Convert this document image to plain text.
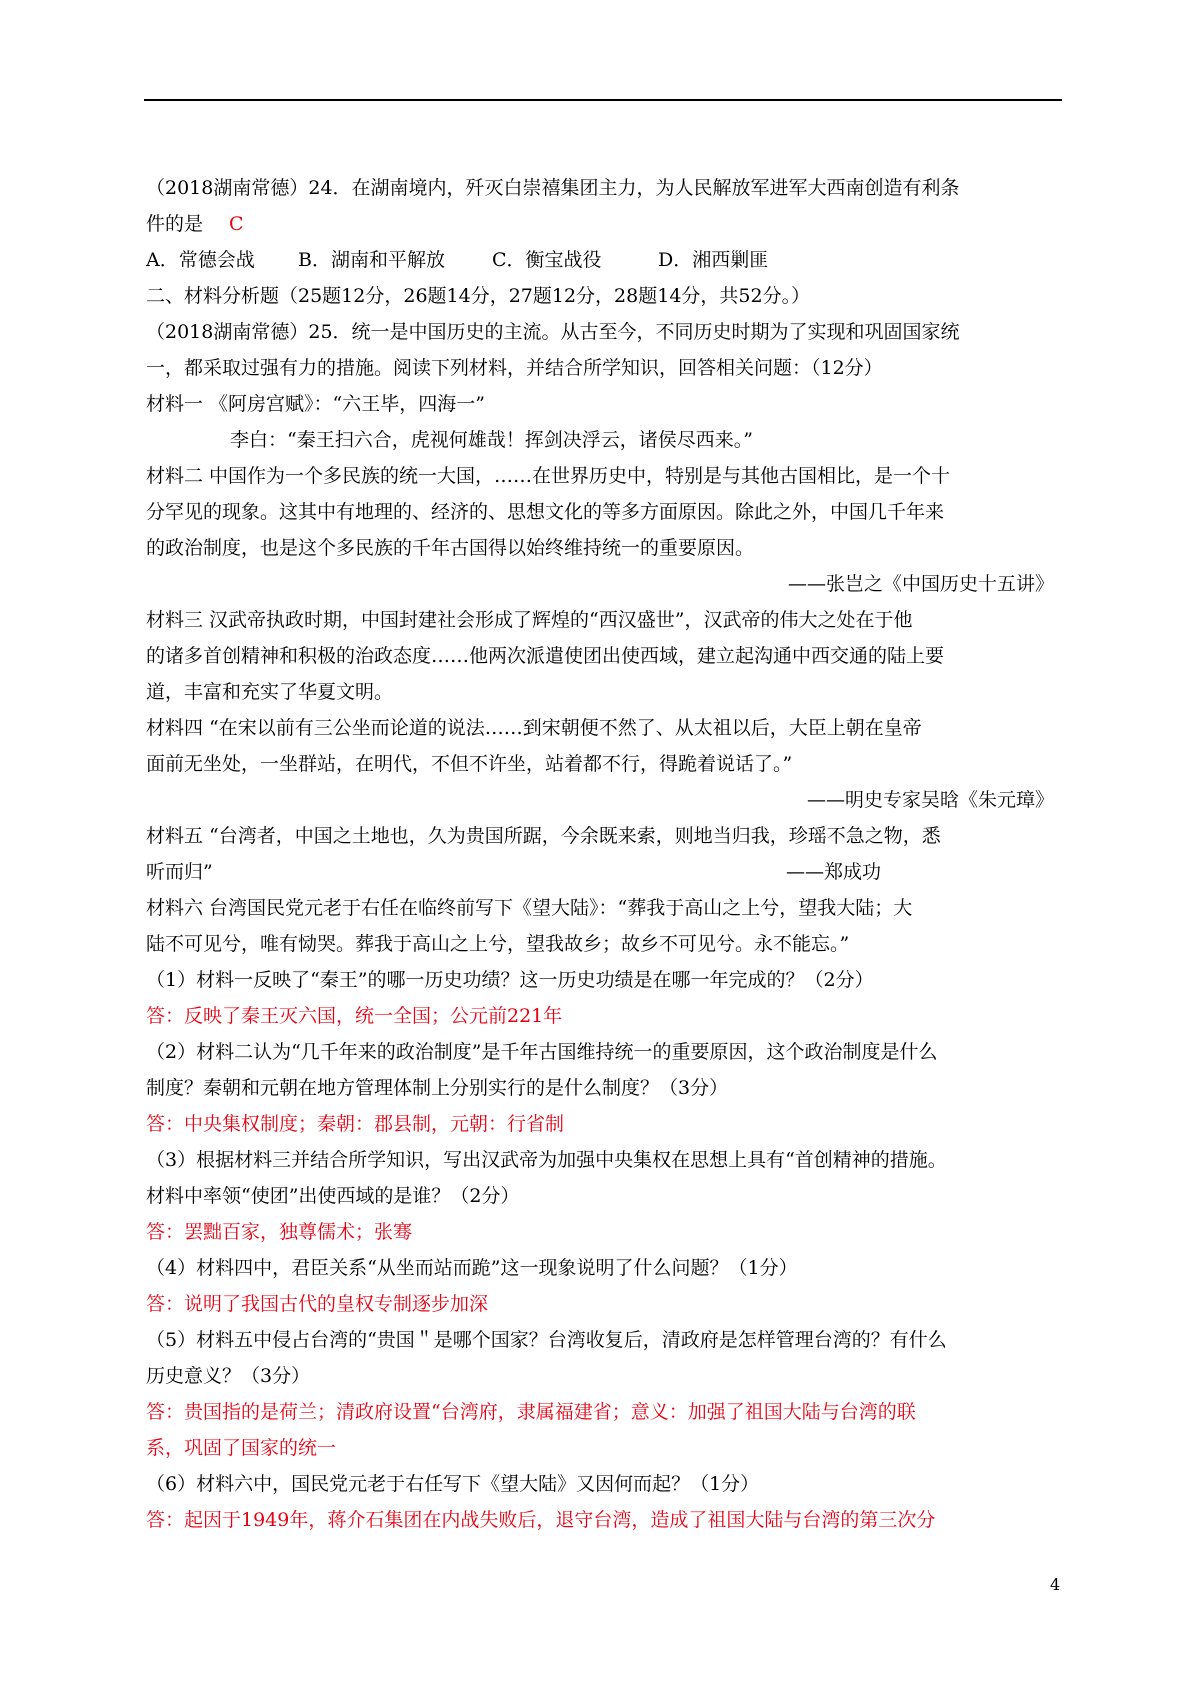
（2018湖南常德）24．在湖南境内，歼灭白崇禧集团主力，为人民解放军进军大西南创造有利条
件的是 C
A．常德会战 B．湖南和平解放 C．衡宝战役	D．湘西剿匪
二、材料分析题（25题12分，26题14分，27题12分，28题14分，共52分。）
（2018湖南常德）25．统一是中国历史的主流。从古至今，不同历史时期为了实现和巩固国家统
一，都采取过强有力的措施。阅读下列材料，并结合所学知识，回答相关问题：（12分）
材料一 《阿房宫赋》：“六王毕，四海一”
李白：“秦王扫六合，虎视何雄哉！挥剑决浮云，诸侯尽西来。”
材料二 中国作为一个多民族的统一大国，……在世界历史中，特别是与其他古国相比，是一个十
分罕见的现象。这其中有地理的、经济的、思想文化的等多方面原因。除此之外，中国几千年来
的政治制度，也是这个多民族的千年古国得以始终维持统一的重要原因。
——张岂之《中国历史十五讲》
材料三 汉武帝执政时期，中国封建社会形成了辉煌的“西汉盛世”，汉武帝的伟大之处在于他
的诸多首创精神和积极的治政态度……他两次派遣使团出使西域，建立起沟通中西交通的陆上要
道，丰富和充实了华夏文明。
材料四 “在宋以前有三公坐而论道的说法……到宋朝便不然了、从太祖以后，大臣上朝在皇帝
面前无坐处，一坐群站，在明代，不但不许坐，站着都不行，得跪着说话了。”
——明史专家吴晗《朱元璋》
材料五 “台湾者，中国之土地也，久为贵国所踞，今余既来索，则地当归我，珍瑶不急之物，悉
听而归”	——郑成功
材料六 台湾国民党元老于右任在临终前写下《望大陆》：“葬我于高山之上兮，望我大陆；大
陆不可见兮，唯有恸哭。葬我于高山之上兮，望我故乡；故乡不可见兮。永不能忘。”
（1）材料一反映了“秦王”的哪一历史功绩？这一历史功绩是在哪一年完成的？（2分）
答：反映了秦王灭六国，统一全国；公元前221年
（2）材料二认为“几千年来的政治制度”是千年古国维持统一的重要原因，这个政治制度是什么
制度？秦朝和元朝在地方管理体制上分别实行的是什么制度？（3分）
答：中央集权制度；秦朝：郡县制，元朝：行省制
（3）根据材料三并结合所学知识，写出汉武帝为加强中央集权在思想上具有“首创精神的措施。
材料中率领“使团”出使西域的是谁？（2分）
答：罢黜百家，独尊儒术；张骞
（4）材料四中，君臣关系“从坐而站而跪”这一现象说明了什么问题？（1分）
答：说明了我国古代的皇权专制逐步加深
（5）材料五中侵占台湾的“贵国＂是哪个国家？台湾收复后，清政府是怎样管理台湾的？有什么
历史意义？（3分）
答：贵国指的是荷兰；清政府设置“台湾府，隶属福建省；意义：加强了祖国大陆与台湾的联
系，巩固了国家的统一
（6）材料六中，国民党元老于右任写下《望大陆》又因何而起？（1分）
答：起因于1949年，蒋介石集团在内战失败后，退守台湾，造成了祖国大陆与台湾的第三次分
4
